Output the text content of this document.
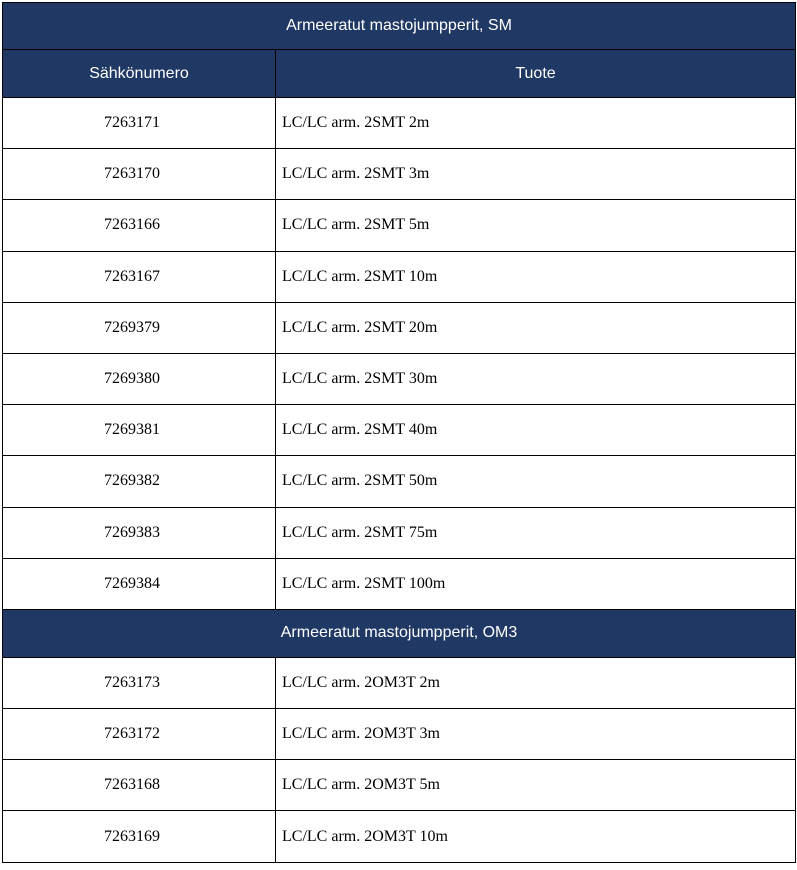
Armeeratut mastojumpperit, SM	
Sähkönumero	Tuote
7263171	LC/LC arm. 2SMT 2m
7263170	LC/LC arm. 2SMT 3m
7263166	LC/LC arm. 2SMT 5m
7263167	LC/LC arm. 2SMT 10m
7269379	LC/LC arm. 2SMT 20m
7269380	LC/LC arm. 2SMT 30m
7269381	LC/LC arm. 2SMT 40m
7269382	LC/LC arm. 2SMT 50m
7269383	LC/LC arm. 2SMT 75m
7269384	LC/LC arm. 2SMT 100m
Armeeratut mastojumpperit, OM3	
7263173	LC/LC arm. 2OM3T 2m
7263172	LC/LC arm. 2OM3T 3m
7263168	LC/LC arm. 2OM3T 5m
7263169	LC/LC arm. 2OM3T 10m
